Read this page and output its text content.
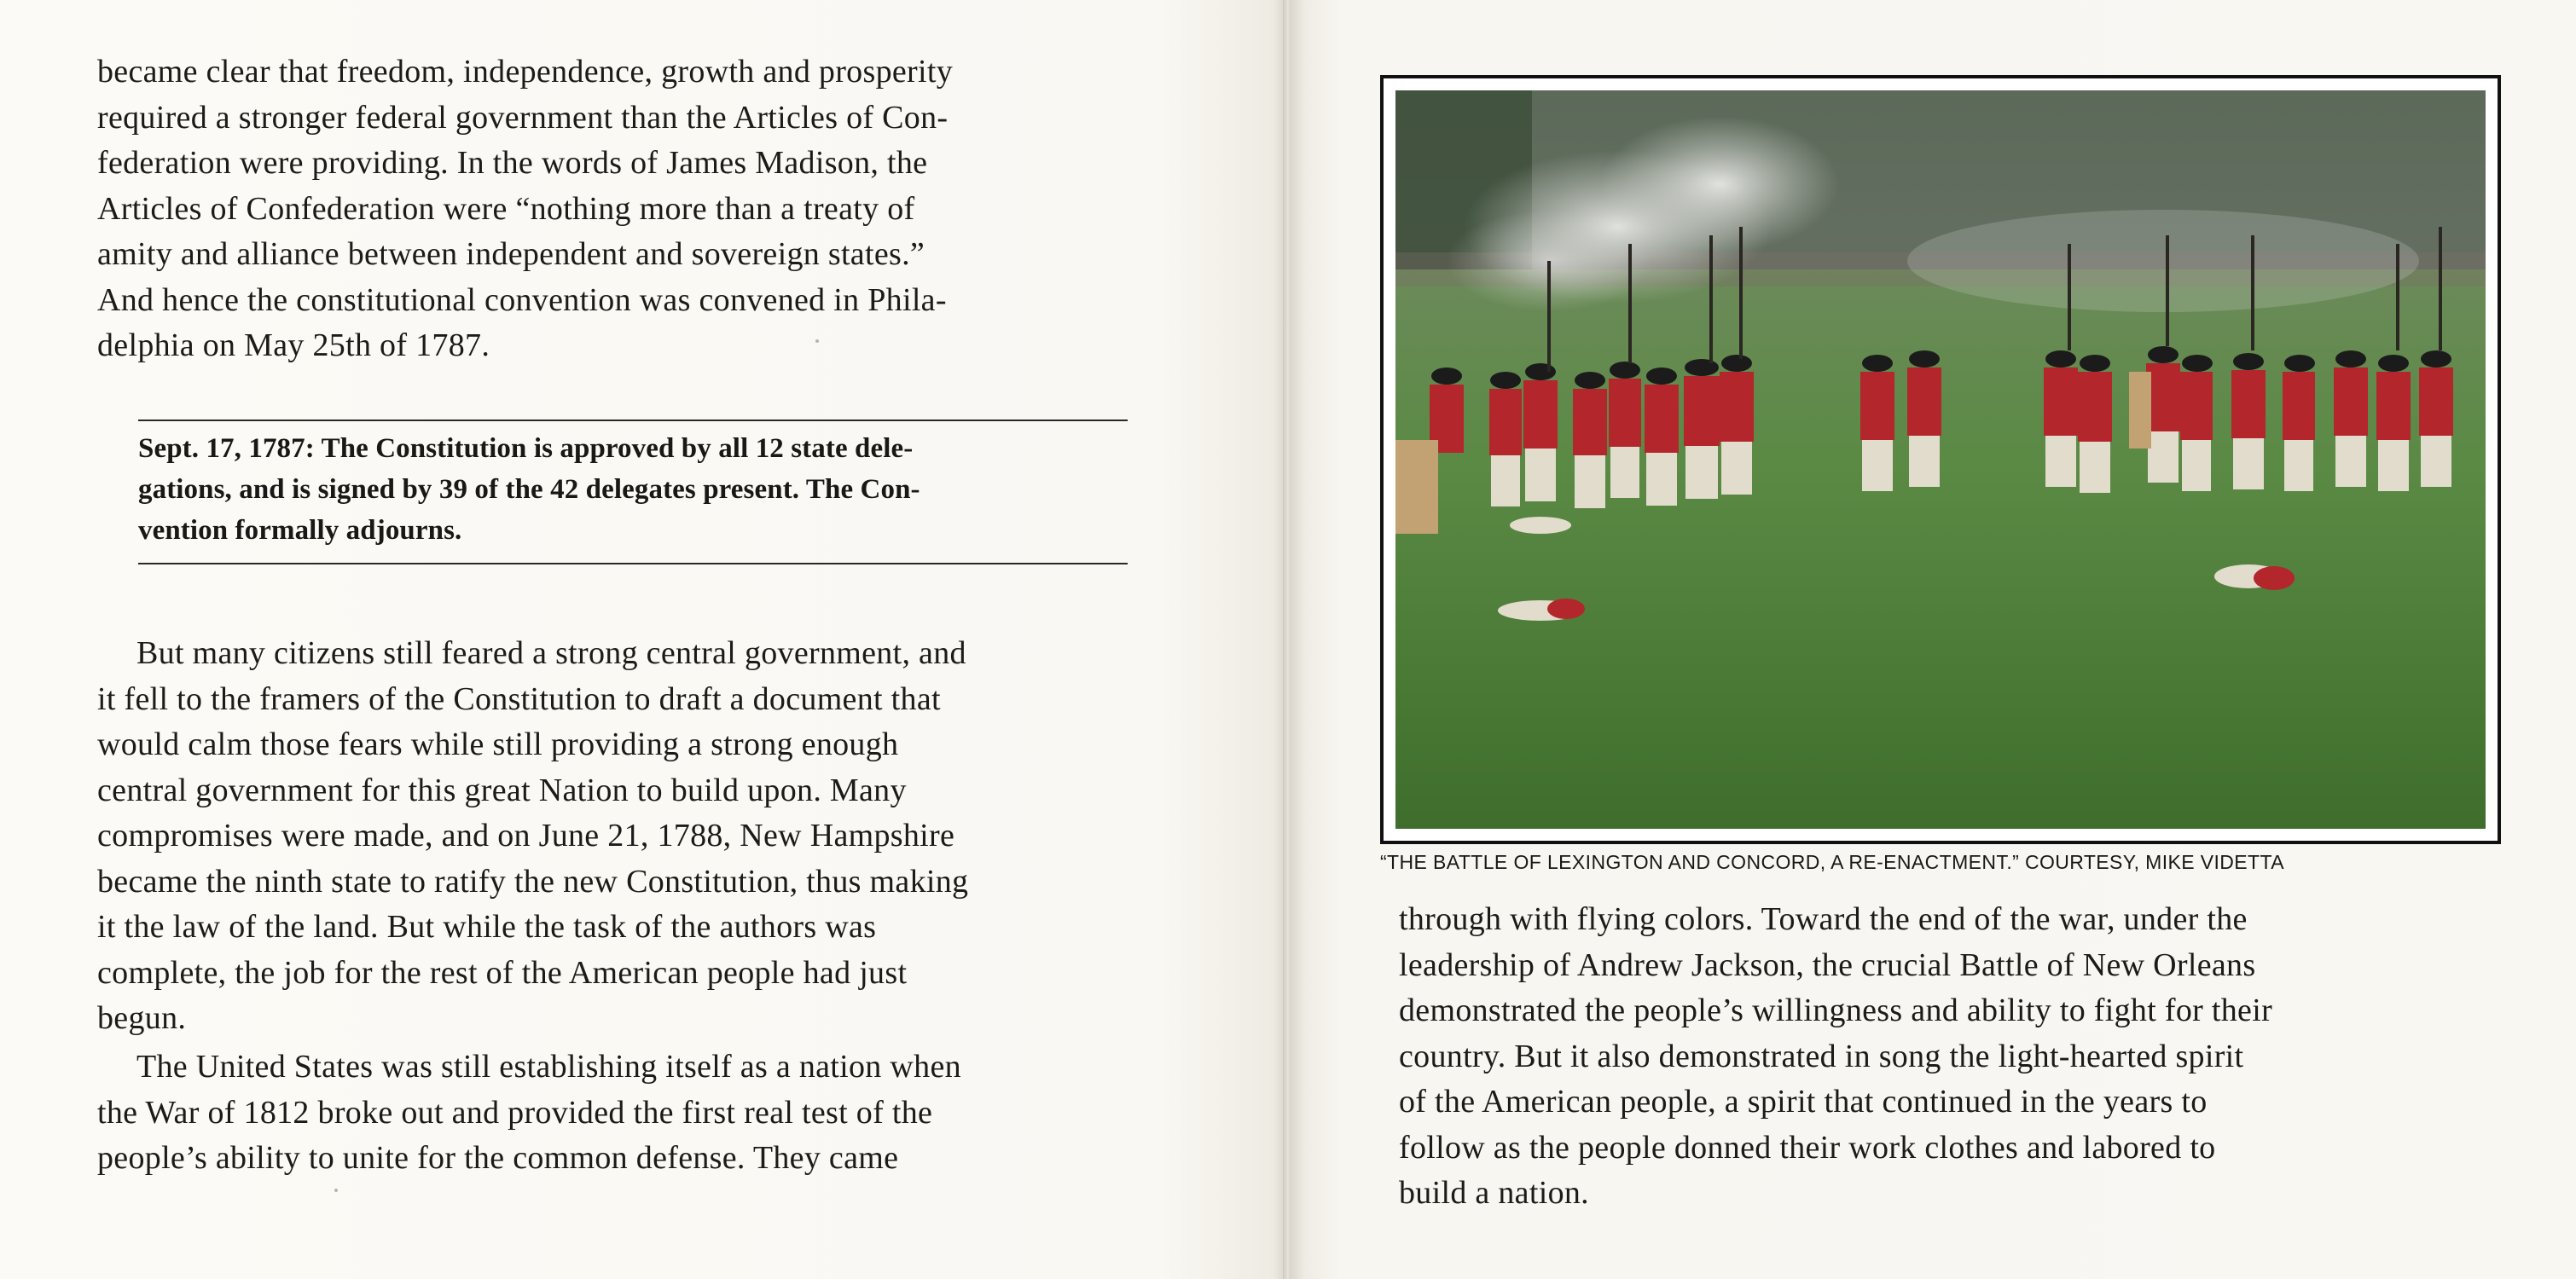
became clear that freedom, independence, growth and prosperity

required a stronger federal government than the Articles of Con-

federation were providing. In the words of James Madison, the

Articles of Confederation were “nothing more than a treaty of

amity and alliance between independent and sovereign states.”

And hence the constitutional convention was convened in Phila-

delphia on May 25th of 1787.

Sept. 17, 1787: The Constitution is approved by all 12 state dele-

gations, and is signed by 39 of the 42 delegates present. The Con-

vention formally adjourns.

But many citizens still feared a strong central government, and

it fell to the framers of the Constitution to draft a document that

would calm those fears while still providing a strong enough

central government for this great Nation to build upon. Many

compromises were made, and on June 21, 1788, New Hampshire

became the ninth state to ratify the new Constitution, thus making

it the law of the land. But while the task of the authors was

complete, the job for the rest of the American people had just

begun.

The United States was still establishing itself as a nation when

the War of 1812 broke out and provided the first real test of the

people’s ability to unite for the common defense. They came

“THE BATTLE OF LEXINGTON AND CONCORD, A RE-ENACTMENT.” COURTESY, MIKE VIDETTA

through with flying colors. Toward the end of the war, under the

leadership of Andrew Jackson, the crucial Battle of New Orleans

demonstrated the people’s willingness and ability to fight for their

country. But it also demonstrated in song the light-hearted spirit

of the American people, a spirit that continued in the years to

follow as the people donned their work clothes and labored to

build a nation.
